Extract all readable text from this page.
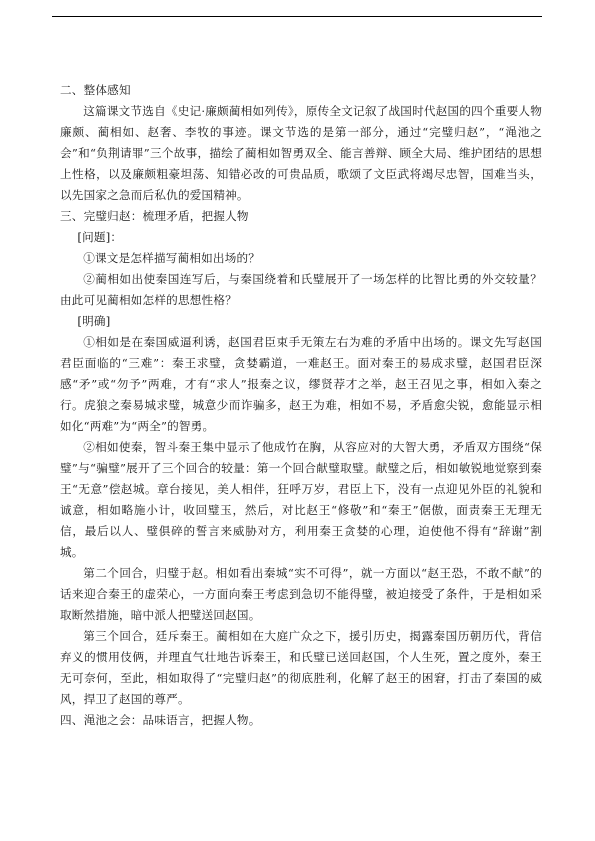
二、整体感知

这篇课文节选自《史记·廉颇蔺相如列传》，原传全文记叙了战国时代赵国的四个重要人物廉颇、蔺相如、赵奢、李牧的事迹。课文节选的是第一部分，通过“完璧归赵”，“渑池之会”和“负荆请罪”三个故事，描绘了蔺相如智勇双全、能言善辩、顾全大局、维护团结的思想上性格，以及廉颇粗豪坦荡、知错必改的可贵品质，歌颂了文臣武将竭尽忠智，国难当头，以先国家之急而后私仇的爱国精神。

三、完璧归赵：梳理矛盾，把握人物

[问题]：

①课文是怎样描写蔺相如出场的？

②蔺相如出使秦国连写后，与秦国绕着和氏璧展开了一场怎样的比智比勇的外交较量？由此可见蔺相如怎样的思想性格？

[明确]

①相如是在秦国威逼利诱，赵国君臣束手无策左右为难的矛盾中出场的。课文先写赵国君臣面临的“三难”：秦王求璧，贪婪霸道，一难赵王。面对秦王的易成求璧，赵国君臣深感“矛”或“勿予”两难，才有“求人”报秦之议，缪贤荐才之举，赵王召见之事，相如入秦之行。虎狼之秦易城求璧，城意少而诈骗多，赵王为难，相如不易，矛盾愈尖锐，愈能显示相如化“两难”为“两全”的智勇。

②相如使秦，智斗秦王集中显示了他成竹在胸，从容应对的大智大勇，矛盾双方围绕“保璧”与“骗璧”展开了三个回合的较量：第一个回合献璧取璧。献璧之后，相如敏锐地觉察到秦王“无意”偿赵城。章台接见，美人相伴，狂呼万岁，君臣上下，没有一点迎见外臣的礼貌和诚意，相如略施小计，收回璧玉，然后，对比赵王“修敬”和“秦王”倨傲，面责秦王无理无信，最后以人、璧俱碎的誓言来威胁对方，利用秦王贪婪的心理，迫使他不得有“辞谢”割城。

第二个回合，归璧于赵。相如看出秦城“实不可得”，就一方面以“赵王恐，不敢不献”的话来迎合秦王的虚荣心，一方面向秦王考虑到急切不能得璧，被迫接受了条件，于是相如采取断然措施，暗中派人把璧送回赵国。

第三个回合，廷斥秦王。蔺相如在大庭广众之下，援引历史，揭露秦国历朝历代，背信弃义的惯用伎俩，并理直气壮地告诉秦王，和氏璧已送回赵国，个人生死，置之度外，秦王无可奈何，至此，相如取得了“完璧归赵”的彻底胜利，化解了赵王的困窘，打击了秦国的威风，捍卫了赵国的尊严。

四、渑池之会：品味语言，把握人物。
